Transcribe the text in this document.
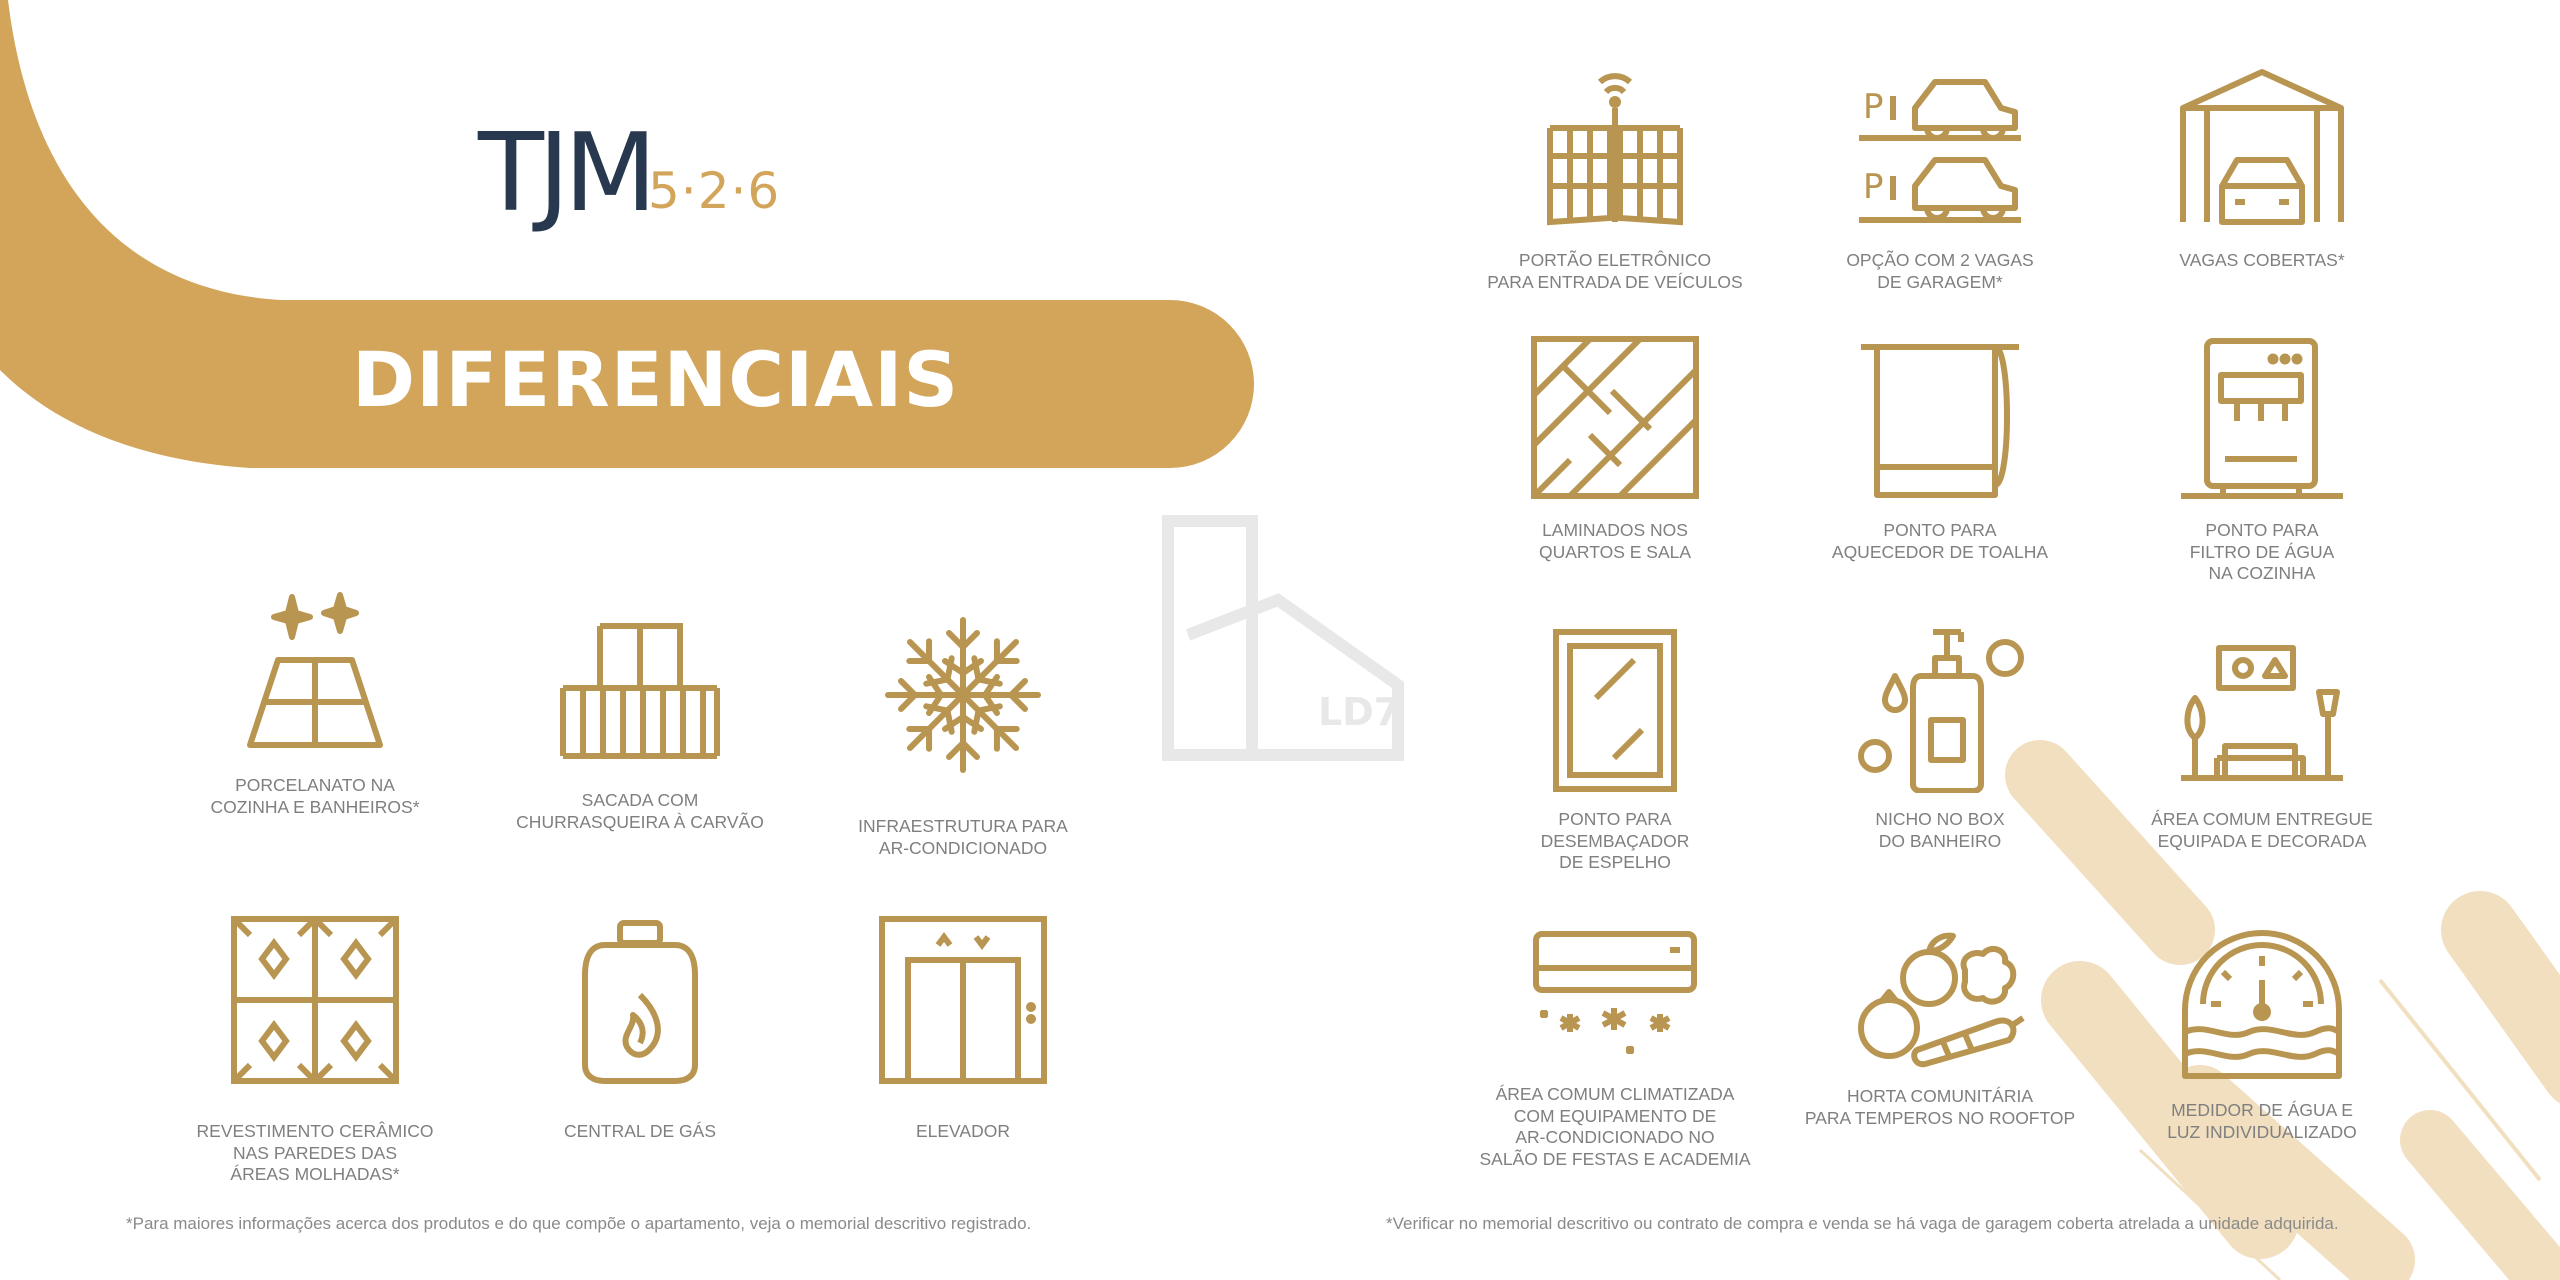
TJM
5·2·6
DIFERENCIAIS
LD7
PORCELANATO NA
COZINHA E BANHEIROS*	SACADA COM
CHURRASQUEIRA À CARVÃO	INFRAESTRUTURA PARA
AR-CONDICIONADO
REVESTIMENTO CERÂMICO
NAS PAREDES DAS
ÁREAS MOLHADAS*
CENTRAL DE GÁS	ELEVADOR
PORTÃO ELETRÔNICO
PARA ENTRADA DE VEÍCULOS
P
P
OPÇÃO COM 2 VAGAS
DE GARAGEM*
VAGAS COBERTAS*
LAMINADOS NOS
QUARTOS E SALA
PONTO PARA
AQUECEDOR DE TOALHA
PONTO PARA
FILTRO DE ÁGUA
NA COZINHA
PONTO PARA
DESEMBAÇADOR
DE ESPELHO
NICHO NO BOX
DO BANHEIRO
ÁREA COMUM ENTREGUE
EQUIPADA E DECORADA
ÁREA COMUM CLIMATIZADA
COM EQUIPAMENTO DE
AR-CONDICIONADO NO
SALÃO DE FESTAS E ACADEMIA
HORTA COMUNITÁRIA
PARA TEMPEROS NO ROOFTOP	MEDIDOR DE ÁGUA E
LUZ INDIVIDUALIZADO
*Para maiores informações acerca dos produtos e do que compõe o apartamento, veja o memorial descritivo registrado.	*Verificar no memorial descritivo ou contrato de compra e venda se há vaga de garagem coberta atrelada a unidade adquirida.
